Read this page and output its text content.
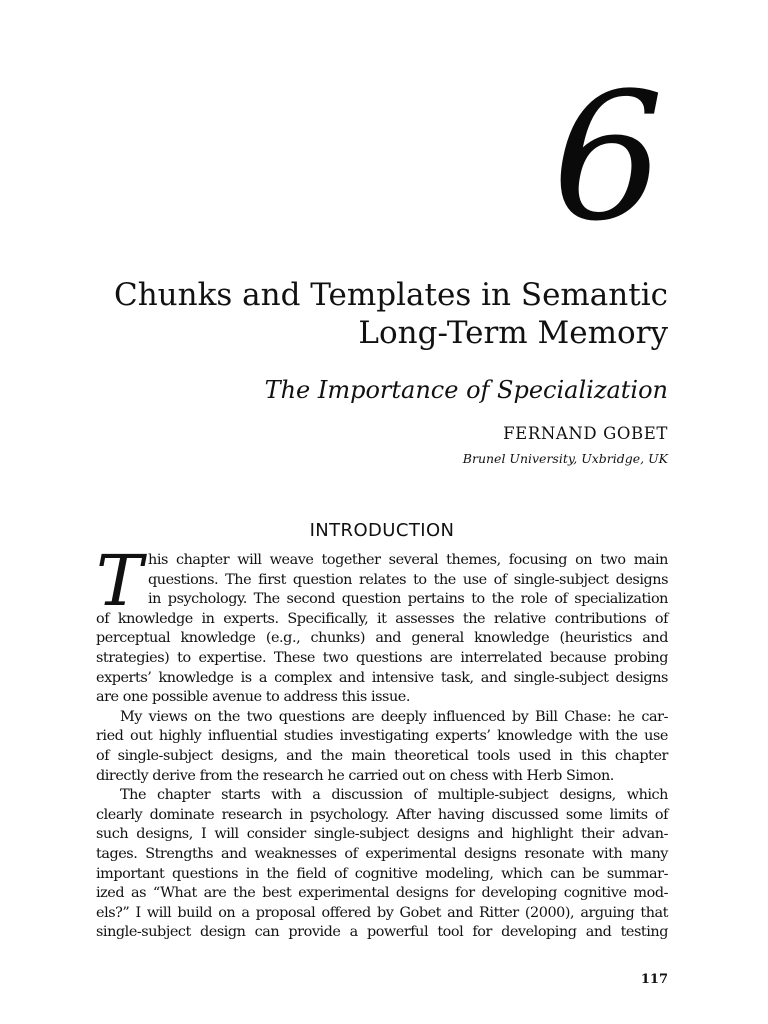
6
Chunks and Templates in Semantic
Long-Term Memory
The Importance of Specialization
FERNAND GOBET
Brunel University, Uxbridge, UK
INTRODUCTION
T his chapter will weave together several themes, focusing on two main
questions. The first question relates to the use of single-subject designs
in psychology. The second question pertains to the role of specialization
of knowledge in experts. Specifically, it assesses the relative contributions of
perceptual knowledge (e.g., chunks) and general knowledge (heuristics and
strategies) to expertise. These two questions are interrelated because probing
experts’ knowledge is a complex and intensive task, and single-subject designs
are one possible avenue to address this issue.
My views on the two questions are deeply influenced by Bill Chase: he car-
ried out highly influential studies investigating experts’ knowledge with the use
of single-subject designs, and the main theoretical tools used in this chapter
directly derive from the research he carried out on chess with Herb Simon.
The chapter starts with a discussion of multiple-subject designs, which
clearly dominate research in psychology. After having discussed some limits of
such designs, I will consider single-subject designs and highlight their advan-
tages. Strengths and weaknesses of experimental designs resonate with many
important questions in the field of cognitive modeling, which can be summar-
ized as “What are the best experimental designs for developing cognitive mod-
els?” I will build on a proposal offered by Gobet and Ritter (2000), arguing that
single-subject design can provide a powerful tool for developing and testing
117
